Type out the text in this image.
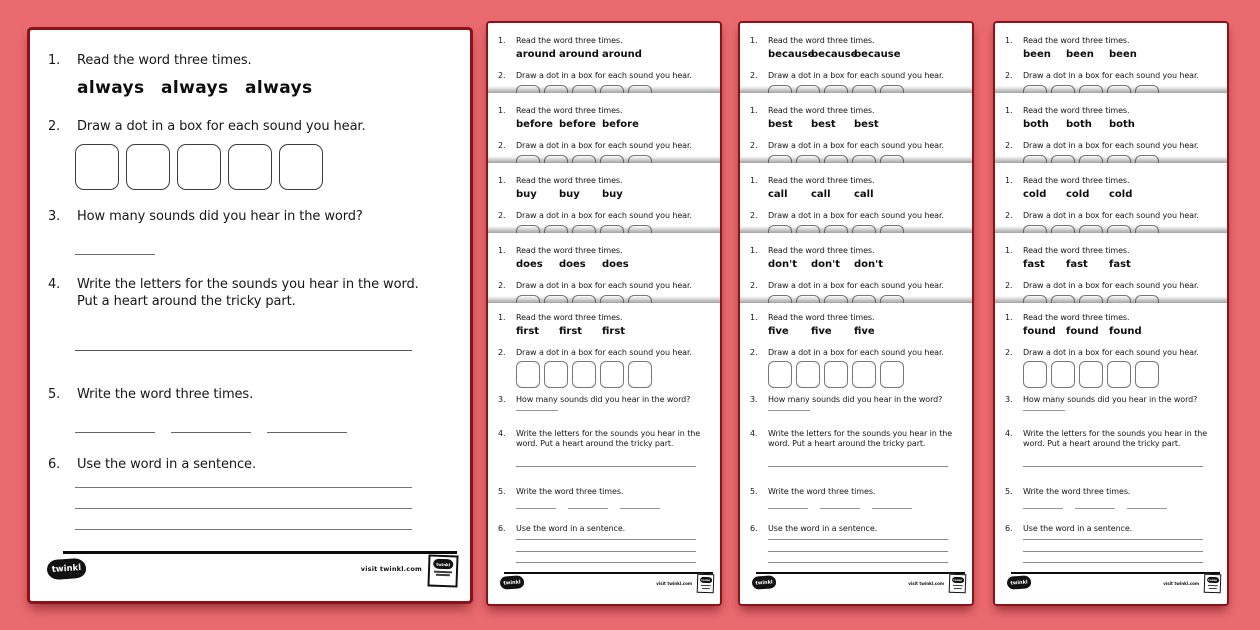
1.	Read the word three times.
always always always
2.	Draw a dot in a box for each sound you hear.
3.	How many sounds did you hear in the word?
4.	Write the letters for the sounds you hear in the word. Put a heart around the tricky part.
5.	Write the word three times.
6.	Use the word in a sentence.
twinkl	visit twinkl.com
twinkl
1.	Read the word three times.
around around around
2.	Draw a dot in a box for each sound you hear.
1.	Read the word three times.
before before before
2.	Draw a dot in a box for each sound you hear.
1.	Read the word three times.
buy buy buy
2.	Draw a dot in a box for each sound you hear.
1.	Read the word three times.
does does does
2.	Draw a dot in a box for each sound you hear.
1.	Read the word three times.
first first first
2.	Draw a dot in a box for each sound you hear.
3.	How many sounds did you hear in the word?
4.	Write the letters for the sounds you hear in the word. Put a heart around the tricky part.
5.	Write the word three times.
6.	Use the word in a sentence.
twinkl	visit twinkl.com
twinkl
1.	Read the word three times.
becausebecausebecause
2.	Draw a dot in a box for each sound you hear.
1.	Read the word three times.
best best best
2.	Draw a dot in a box for each sound you hear.
1.	Read the word three times.
call call call
2.	Draw a dot in a box for each sound you hear.
1.	Read the word three times.
don't don't don't
2.	Draw a dot in a box for each sound you hear.
1.	Read the word three times.
five five five
2.	Draw a dot in a box for each sound you hear.
3.	How many sounds did you hear in the word?
4.	Write the letters for the sounds you hear in the word. Put a heart around the tricky part.
5.	Write the word three times.
6.	Use the word in a sentence.
twinkl	visit twinkl.com
twinkl
1.	Read the word three times.
been been been
2.	Draw a dot in a box for each sound you hear.
1.	Read the word three times.
both both both
2.	Draw a dot in a box for each sound you hear.
1.	Read the word three times.
cold cold cold
2.	Draw a dot in a box for each sound you hear.
1.	Read the word three times.
fast fast fast
2.	Draw a dot in a box for each sound you hear.
1.	Read the word three times.
found found found
2.	Draw a dot in a box for each sound you hear.
3.	How many sounds did you hear in the word?
4.	Write the letters for the sounds you hear in the word. Put a heart around the tricky part.
5.	Write the word three times.
6.	Use the word in a sentence.
twinkl	visit twinkl.com
twinkl
